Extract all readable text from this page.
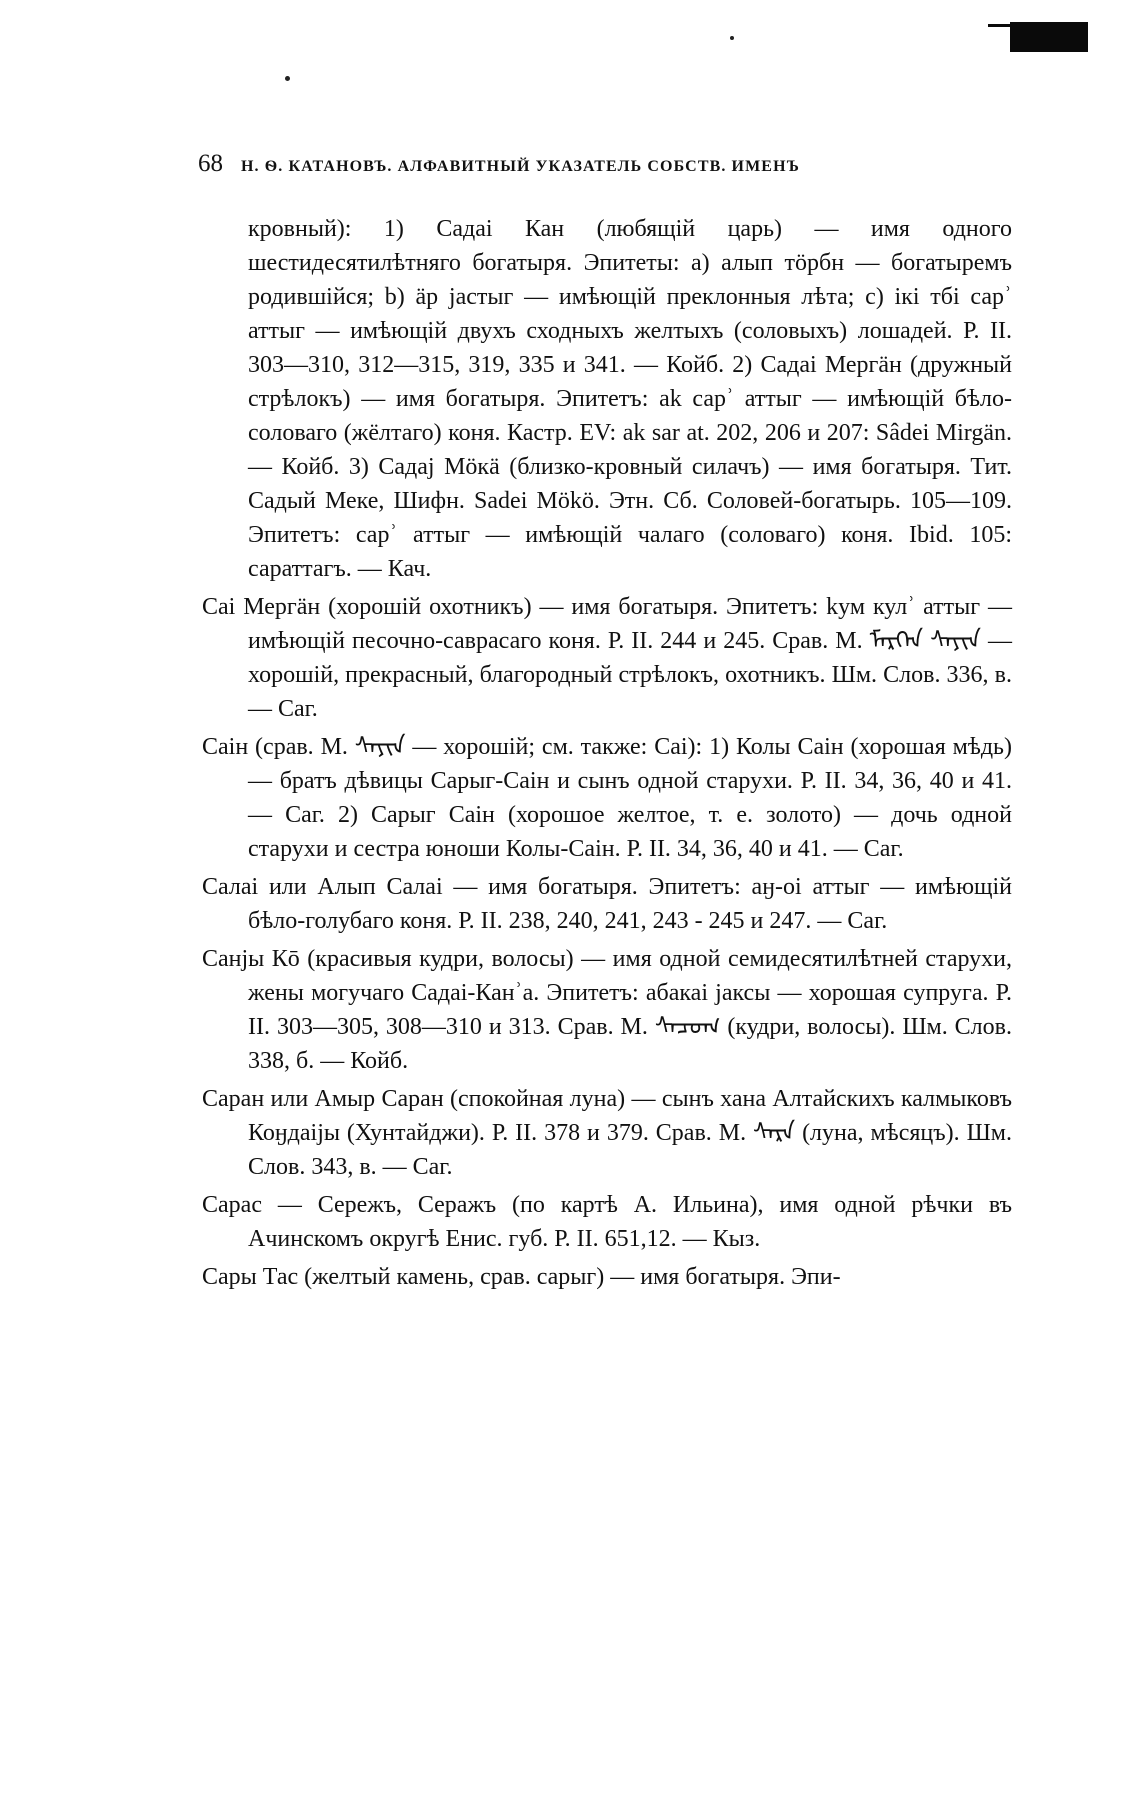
68 Н. Ѳ. КАТАНОВЪ. АЛФАВИТНЫЙ УКАЗАТЕЛЬ СОБСТВ. ИМЕНЪ

кровный): 1) Садаі Кан (любящій царь) — имя одного шестидесятилѣтняго богатыря. Эпитеты: a) алып тӧрбн — богатыремъ родившійся; b) ӓр јастыг — имѣющій преклонныя лѣта; c) ікі тбі сарʾ аттыг — имѣющій двухъ сходныхъ желтыхъ (соловыхъ) лошадей. Р. II. 303—310, 312—315, 319, 335 и 341. — Койб. 2) Садаі Мергӓн (дружный стрѣлокъ) — имя богатыря. Эпитетъ: ak сарʾ аттыг — имѣющій бѣло-соловаго (жёлтаго) коня. Кастр. EV: ak sar at. 202, 206 и 207: Sâdei Mirgän. — Койб. 3) Садај Мӧкӓ (близко-кровный силачъ) — имя богатыря. Тит. Садый Меке, Шифн. Sadei Mökö. Этн. Сб. Соловей-богатырь. 105—109. Эпитетъ: сарʾ аттыг — имѣющій чалаго (соловаго) коня. Ibid. 105: сараттагъ. — Кач.

Саі Мергӓн (хорошій охотникъ) — имя богатыря. Эпитетъ: kум кулʾ аттыг — имѣющій песочно-саврасаго коня. Р. II. 244 и 245. Срав. М. ᠮᠡᠷᠭᠡᠨ ᠰᠠᠶᠢᠨ — хорошій, прекрасный, благородный стрѣлокъ, охотникъ. Шм. Слов. 336, в. — Саг.

Саін (срав. М. ᠰᠠᠶᠢᠨ — хорошій; см. также: Саі): 1) Колы Саін (хорошая мѣдь) — братъ дѣвицы Сарыг-Саін и сынъ одной старухи. Р. II. 34, 36, 40 и 41. — Саг. 2) Сарыг Саін (хорошое желтое, т. е. золото) — дочь одной старухи и сестра юноши Колы-Саін. Р. II. 34, 36, 40 и 41. — Саг.

Салаі или Алып Салаі — имя богатыря. Эпитетъ: аӈ-оі аттыг — имѣющій бѣло-голубаго коня. Р. II. 238, 240, 241, 243 - 245 и 247. — Саг.

Санјы Кō (красивыя кудри, волосы) — имя одной семидесятилѣтней старухи, жены могучаго Садаі-Канʾа. Эпитетъ: абакаі јаксы — хорошая супруга. Р. II. 303—305, 308—310 и 313. Срав. М. ᠰᠠᠴᠤᠬ (кудри, волосы). Шм. Слов. 338, б. — Койб.

Саран или Амыр Саран (спокойная луна) — сынъ хана Алтайскихъ калмыковъ Коӈдаіјы (Хунтайджи). Р. II. 378 и 379. Срав. М. ᠰᠠᠷᠠ (луна, мѣсяцъ). Шм. Слов. 343, в. — Саг.

Сарас — Сережъ, Серажъ (по картѣ А. Ильина), имя одной рѣчки въ Ачинскомъ округѣ Енис. губ. Р. II. 651,12. — Кыз.

Сары Тас (желтый камень, срав. сарыг) — имя богатыря. Эпи-
